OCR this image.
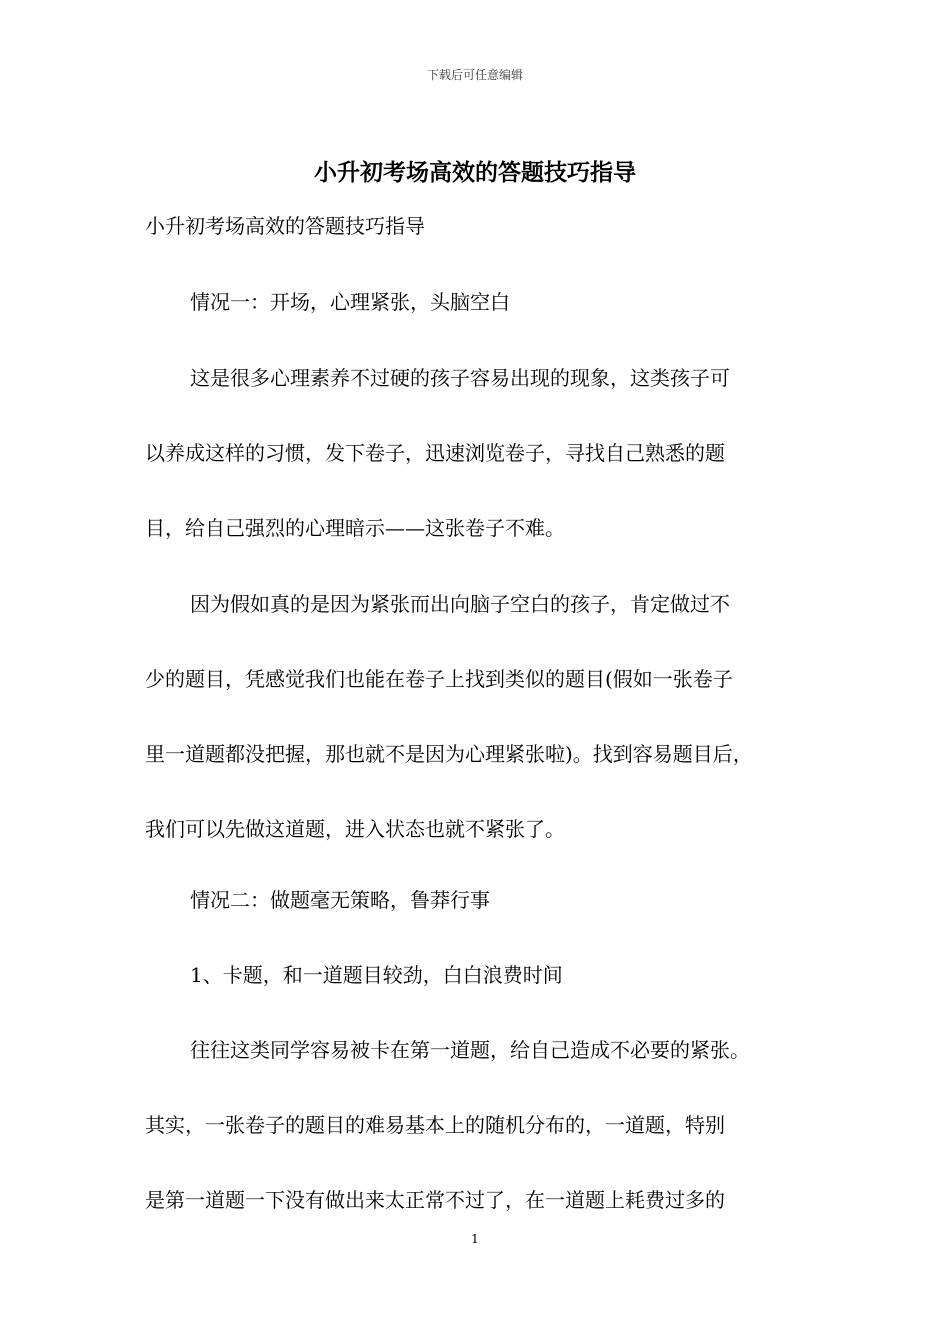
下载后可任意编辑
小升初考场高效的答题技巧指导
小升初考场高效的答题技巧指导
情况一：开场，心理紧张，头脑空白
这是很多心理素养不过硬的孩子容易出现的现象，这类孩子可
以养成这样的习惯，发下卷子，迅速浏览卷子，寻找自己熟悉的题
目，给自己强烈的心理暗示——这张卷子不难。
因为假如真的是因为紧张而出向脑子空白的孩子，肯定做过不
少的题目，凭感觉我们也能在卷子上找到类似的题目(假如一张卷子
里一道题都没把握，那也就不是因为心理紧张啦)。找到容易题目后，
我们可以先做这道题，进入状态也就不紧张了。
情况二：做题毫无策略，鲁莽行事
1、卡题，和一道题目较劲，白白浪费时间
往往这类同学容易被卡在第一道题，给自己造成不必要的紧张。
其实，一张卷子的题目的难易基本上的随机分布的，一道题，特别
是第一道题一下没有做出来太正常不过了，在一道题上耗费过多的
1
